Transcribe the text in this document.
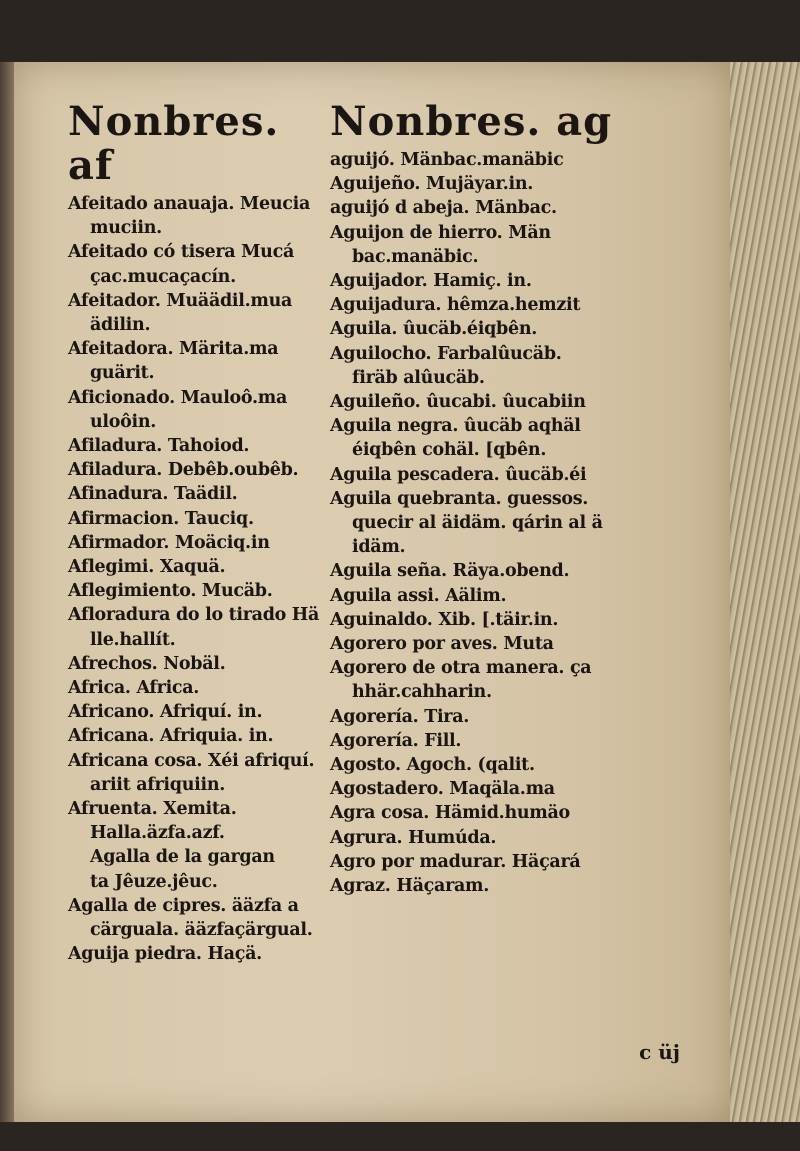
Nonbres. af
Afeitado anauaja. Meucia
muciin.
Afeitado có tisera Mucá
çac.mucaçacín.
Afeitador. Muäädil.mua
ädilin.
Afeitadora. Märita.ma
guärit.
Aficionado. Mauloô.ma
uloôin.
Afiladura. Tahoiod.
Afiladura. Debêb.oubêb.
Afinadura. Taädil.
Afirmacion. Tauciq.
Afirmador. Moäciq.in
Aflegimi. Xaquä.
Aflegimiento. Mucäb.
Afloradura do lo tirado Hä
lle.hallít.
Afrechos. Nobäl.
Africa. Africa.
Africano. Afriquí. in.
Africana. Afriquia. in.
Africana cosa. Xéi afriquí.
ariit afriquiin.
Afruenta. Xemita.
Halla.äzfa.azf.
Agalla de la gargan
ta Jêuze.jêuc.
Agalla de cipres. ääzfa a
cärguala. ääzfaçärgual.
Aguija piedra. Haçä.
Nonbres. ag
aguijó. Mänbac.manäbic
Aguijeño. Mujäyar.in.
aguijó d abeja. Mänbac.
Aguijon de hierro. Män
bac.manäbic.
Aguijador. Hamiç. in.
Aguijadura. hêmza.hemzit
Aguila. ûucäb.éiqbên.
Aguilocho. Farbalûucäb.
firäb alûucäb.
Aguileño. ûucabi. ûucabiin
Aguila negra. ûucäb aqhäl
éiqbên cohäl. [qbên.
Aguila pescadera. ûucäb.éi
Aguila quebranta. guessos.
quecir al äidäm. qárin al ä
idäm.
Aguila seña. Räya.obend.
Aguila assi. Aälim.
Aguinaldo. Xib. [.täir.in.
Agorero por aves. Muta
Agorero de otra manera. ça
hhär.cahharin.
Agorería. Tira.
Agorería. Fill.
Agosto. Agoch. (qalit.
Agostadero. Maqäla.ma
Agra cosa. Hämid.humäo
Agrura. Humúda.
Agro por madurar. Häçará
Agraz. Häçaram.
c üj
